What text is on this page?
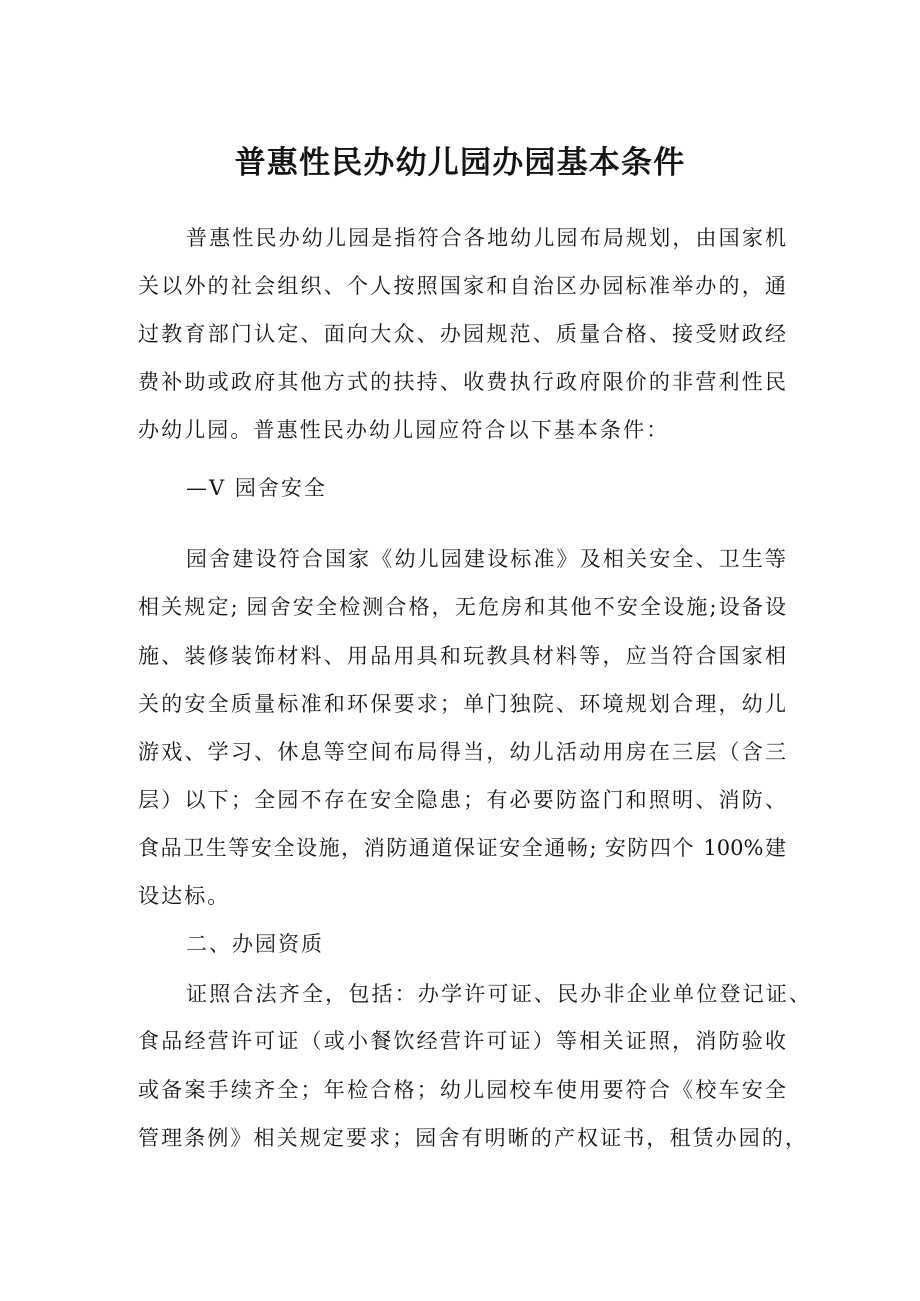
普惠性民办幼儿园办园基本条件
普惠性民办幼儿园是指符合各地幼儿园布局规划，由国家机
关以外的社会组织、个人按照国家和自治区办园标准举办的，通
过教育部门认定、面向大众、办园规范、质量合格、接受财政经
费补助或政府其他方式的扶持、收费执行政府限价的非营利性民
办幼儿园。普惠性民办幼儿园应符合以下基本条件：
—V 园舍安全
园舍建设符合国家《幼儿园建设标准》及相关安全、卫生等
相关规定; 园舍安全检测合格，无危房和其他不安全设施;设备设
施、装修装饰材料、用品用具和玩教具材料等，应当符合国家相
关的安全质量标准和环保要求；单门独院、环境规划合理，幼儿
游戏、学习、休息等空间布局得当，幼儿活动用房在三层（含三
层）以下；全园不存在安全隐患；有必要防盗门和照明、消防、
食品卫生等安全设施，消防通道保证安全通畅; 安防四个 100%建
设达标。
二、办园资质
证照合法齐全，包括：办学许可证、民办非企业单位登记证、
食品经营许可证（或小餐饮经营许可证）等相关证照，消防验收
或备案手续齐全；年检合格；幼儿园校车使用要符合《校车安全
管理条例》相关规定要求；园舍有明晰的产权证书，租赁办园的，
